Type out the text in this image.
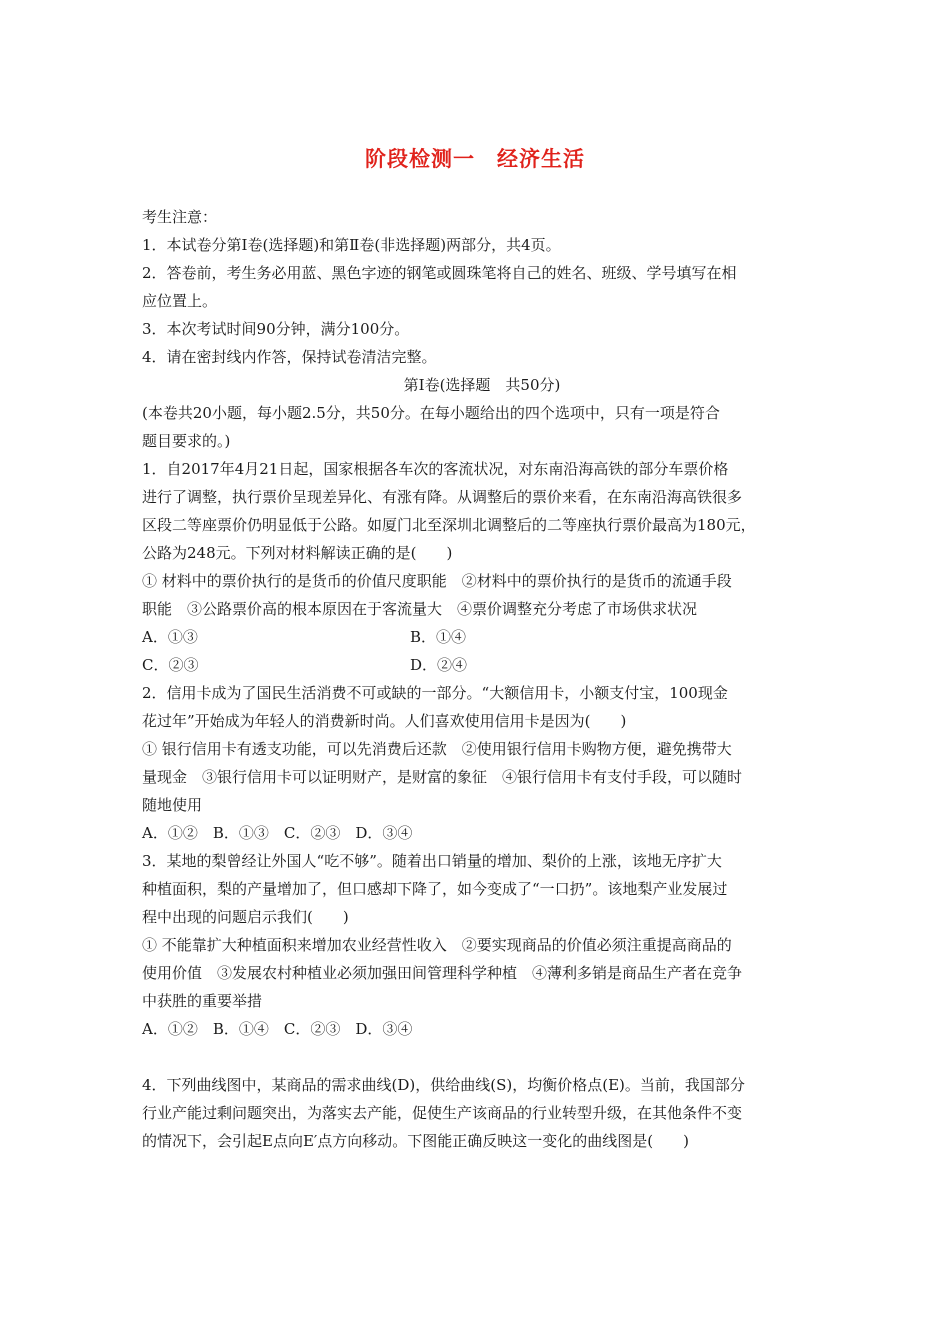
阶段检测一　经济生活
考生注意：
1．本试卷分第Ⅰ卷(选择题)和第Ⅱ卷(非选择题)两部分，共4页。
2．答卷前，考生务必用蓝、黑色字迹的钢笔或圆珠笔将自己的姓名、班级、学号填写在相
应位置上。
3．本次考试时间90分钟，满分100分。
4．请在密封线内作答，保持试卷清洁完整。
第Ⅰ卷(选择题　共50分)
(本卷共20小题，每小题2.5分，共50分。在每小题给出的四个选项中，只有一项是符合
题目要求的。)
1．自2017年4月21日起，国家根据各车次的客流状况，对东南沿海高铁的部分车票价格
进行了调整，执行票价呈现差异化、有涨有降。从调整后的票价来看，在东南沿海高铁很多
区段二等座票价仍明显低于公路。如厦门北至深圳北调整后的二等座执行票价最高为180元，
公路为248元。下列对材料解读正确的是(　　)
① 材料中的票价执行的是货币的价值尺度职能　②材料中的票价执行的是货币的流通手段
职能　③公路票价高的根本原因在于客流量大　④票价调整充分考虑了市场供求状况
A．①③	B．①④
C．②③	D．②④
2．信用卡成为了国民生活消费不可或缺的一部分。“大额信用卡，小额支付宝，100现金
花过年”开始成为年轻人的消费新时尚。人们喜欢使用信用卡是因为(　　)
① 银行信用卡有透支功能，可以先消费后还款　②使用银行信用卡购物方便，避免携带大
量现金　③银行信用卡可以证明财产，是财富的象征　④银行信用卡有支付手段，可以随时
随地使用
A．①②　B．①③　C．②③　D．③④
3．某地的梨曾经让外国人“吃不够”。随着出口销量的增加、梨价的上涨，该地无序扩大
种植面积，梨的产量增加了，但口感却下降了，如今变成了“一口扔”。该地梨产业发展过
程中出现的问题启示我们(　　)
① 不能靠扩大种植面积来增加农业经营性收入　②要实现商品的价值必须注重提高商品的
使用价值　③发展农村种植业必须加强田间管理科学种植　④薄利多销是商品生产者在竞争
中获胜的重要举措
A．①②　B．①④　C．②③　D．③④
4．下列曲线图中，某商品的需求曲线(D)，供给曲线(S)，均衡价格点(E)。当前，我国部分
行业产能过剩问题突出，为落实去产能，促使生产该商品的行业转型升级，在其他条件不变
的情况下，会引起E点向E′点方向移动。下图能正确反映这一变化的曲线图是(　　)
